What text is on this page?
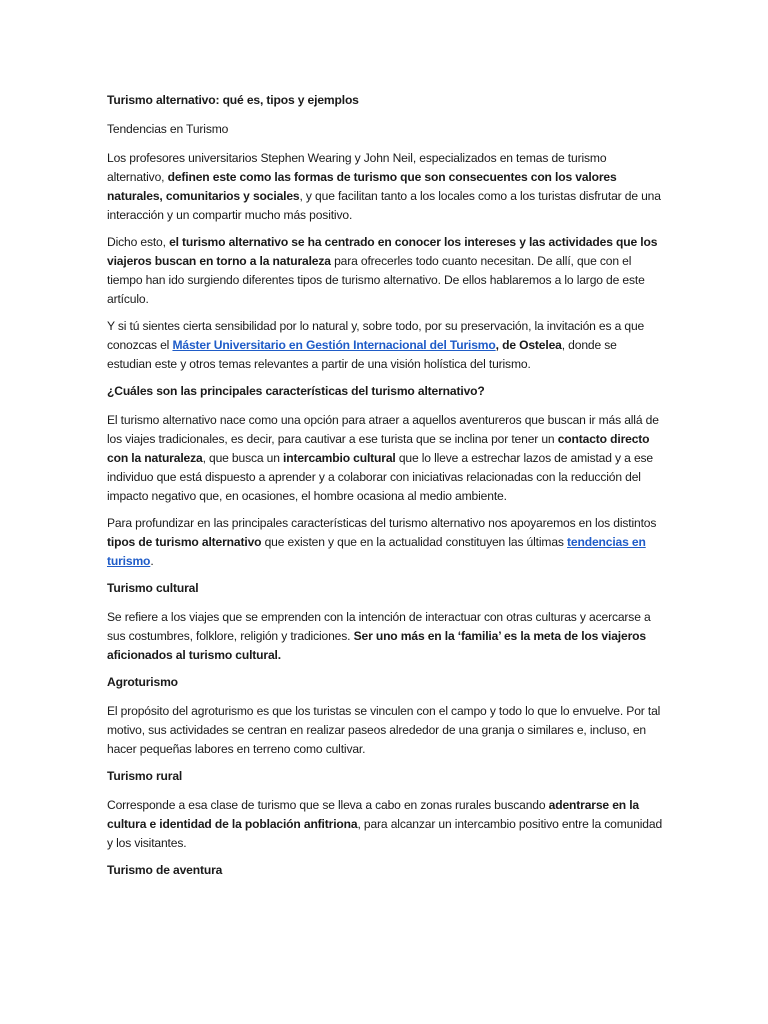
Turismo alternativo: qué es, tipos y ejemplos

Tendencias en Turismo

Los profesores universitarios Stephen Wearing y John Neil, especializados en temas de turismo alternativo, definen este como las formas de turismo que son consecuentes con los valores naturales, comunitarios y sociales, y que facilitan tanto a los locales como a los turistas disfrutar de una interacción y un compartir mucho más positivo.

Dicho esto, el turismo alternativo se ha centrado en conocer los intereses y las actividades que los viajeros buscan en torno a la naturaleza para ofrecerles todo cuanto necesitan. De allí, que con el tiempo han ido surgiendo diferentes tipos de turismo alternativo. De ellos hablaremos a lo largo de este artículo.

Y si tú sientes cierta sensibilidad por lo natural y, sobre todo, por su preservación, la invitación es a que conozcas el Máster Universitario en Gestión Internacional del Turismo, de Ostelea, donde se estudian este y otros temas relevantes a partir de una visión holística del turismo.

¿Cuáles son las principales características del turismo alternativo?

El turismo alternativo nace como una opción para atraer a aquellos aventureros que buscan ir más allá de los viajes tradicionales, es decir, para cautivar a ese turista que se inclina por tener un contacto directo con la naturaleza, que busca un intercambio cultural que lo lleve a estrechar lazos de amistad y a ese individuo que está dispuesto a aprender y a colaborar con iniciativas relacionadas con la reducción del impacto negativo que, en ocasiones, el hombre ocasiona al medio ambiente.

Para profundizar en las principales características del turismo alternativo nos apoyaremos en los distintos tipos de turismo alternativo que existen y que en la actualidad constituyen las últimas tendencias en turismo.

Turismo cultural

Se refiere a los viajes que se emprenden con la intención de interactuar con otras culturas y acercarse a sus costumbres, folklore, religión y tradiciones. Ser uno más en la ‘familia’ es la meta de los viajeros aficionados al turismo cultural.

Agroturismo

El propósito del agroturismo es que los turistas se vinculen con el campo y todo lo que lo envuelve. Por tal motivo, sus actividades se centran en realizar paseos alrededor de una granja o similares e, incluso, en hacer pequeñas labores en terreno como cultivar.

Turismo rural

Corresponde a esa clase de turismo que se lleva a cabo en zonas rurales buscando adentrarse en la cultura e identidad de la población anfitriona, para alcanzar un intercambio positivo entre la comunidad y los visitantes.

Turismo de aventura
